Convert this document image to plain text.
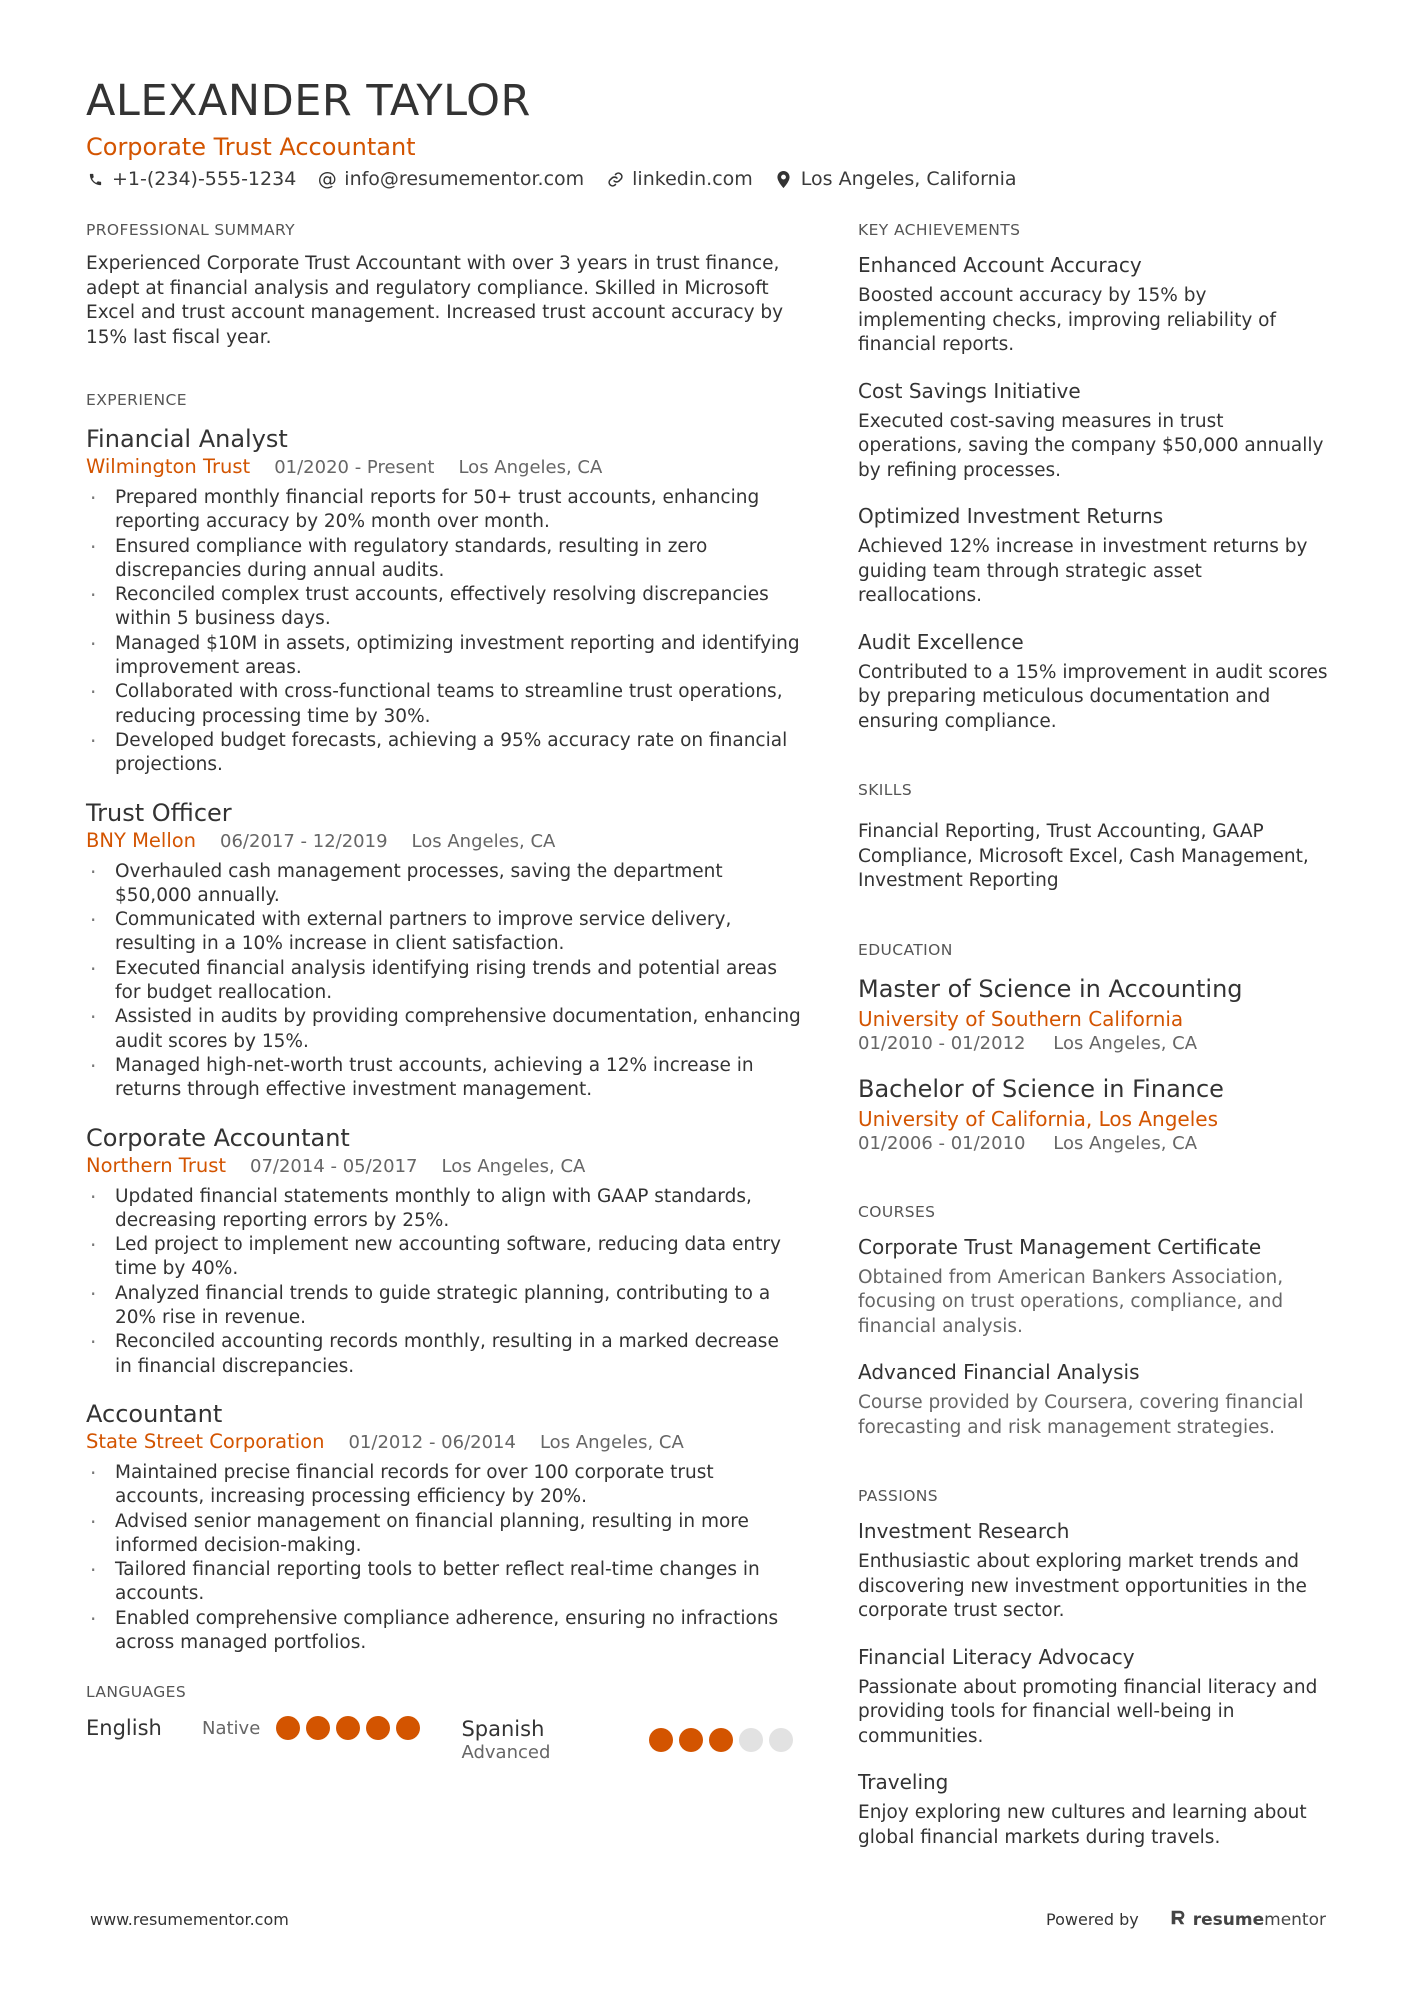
ALEXANDER TAYLOR
Corporate Trust Accountant
+1-(234)-555-1234 @ info@resumementor.com	linkedin.com	Los Angeles, California
PROFESSIONAL SUMMARY
Experienced Corporate Trust Accountant with over 3 years in trust finance, adept at financial analysis and regulatory compliance. Skilled in Microsoft Excel and trust account management. Increased trust account accuracy by 15% last fiscal year.
EXPERIENCE
Financial Analyst
Wilmington Trust 01/2020 - Present Los Angeles, CA
· Prepared monthly financial reports for 50+ trust accounts, enhancing reporting accuracy by 20% month over month.
· Ensured compliance with regulatory standards, resulting in zero discrepancies during annual audits.
· Reconciled complex trust accounts, effectively resolving discrepancies within 5 business days.
· Managed $10M in assets, optimizing investment reporting and identifying improvement areas.
· Collaborated with cross-functional teams to streamline trust operations, reducing processing time by 30%.
· Developed budget forecasts, achieving a 95% accuracy rate on financial projections.
Trust Officer
BNY Mellon 06/2017 - 12/2019 Los Angeles, CA
· Overhauled cash management processes, saving the department $50,000 annually.
· Communicated with external partners to improve service delivery, resulting in a 10% increase in client satisfaction.
· Executed financial analysis identifying rising trends and potential areas for budget reallocation.
· Assisted in audits by providing comprehensive documentation, enhancing audit scores by 15%.
· Managed high-net-worth trust accounts, achieving a 12% increase in returns through effective investment management.
Corporate Accountant
Northern Trust 07/2014 - 05/2017 Los Angeles, CA
· Updated financial statements monthly to align with GAAP standards, decreasing reporting errors by 25%.
· Led project to implement new accounting software, reducing data entry time by 40%.
· Analyzed financial trends to guide strategic planning, contributing to a 20% rise in revenue.
· Reconciled accounting records monthly, resulting in a marked decrease in financial discrepancies.
Accountant
State Street Corporation 01/2012 - 06/2014 Los Angeles, CA
· Maintained precise financial records for over 100 corporate trust accounts, increasing processing efficiency by 20%.
· Advised senior management on financial planning, resulting in more informed decision-making.
· Tailored financial reporting tools to better reflect real-time changes in accounts.
· Enabled comprehensive compliance adherence, ensuring no infractions across managed portfolios.
LANGUAGES
English	Native	Spanish
Advanced
KEY ACHIEVEMENTS
Enhanced Account Accuracy
Boosted account accuracy by 15% by implementing checks, improving reliability of financial reports.
Cost Savings Initiative
Executed cost-saving measures in trust operations, saving the company $50,000 annually by refining processes.
Optimized Investment Returns
Achieved 12% increase in investment returns by guiding team through strategic asset reallocations.
Audit Excellence
Contributed to a 15% improvement in audit scores by preparing meticulous documentation and ensuring compliance.
SKILLS
Financial Reporting, Trust Accounting, GAAP Compliance, Microsoft Excel, Cash Management, Investment Reporting
EDUCATION
Master of Science in Accounting
University of Southern California
01/2010 - 01/2012 Los Angeles, CA
Bachelor of Science in Finance
University of California, Los Angeles
01/2006 - 01/2010 Los Angeles, CA
COURSES
Corporate Trust Management Certificate
Obtained from American Bankers Association, focusing on trust operations, compliance, and financial analysis.
Advanced Financial Analysis
Course provided by Coursera, covering financial forecasting and risk management strategies.
PASSIONS
Investment Research
Enthusiastic about exploring market trends and discovering new investment opportunities in the corporate trust sector.
Financial Literacy Advocacy
Passionate about promoting financial literacy and providing tools for financial well-being in communities.
Traveling
Enjoy exploring new cultures and learning about global financial markets during travels.
www.resumementor.com	Powered by	resume mentor
